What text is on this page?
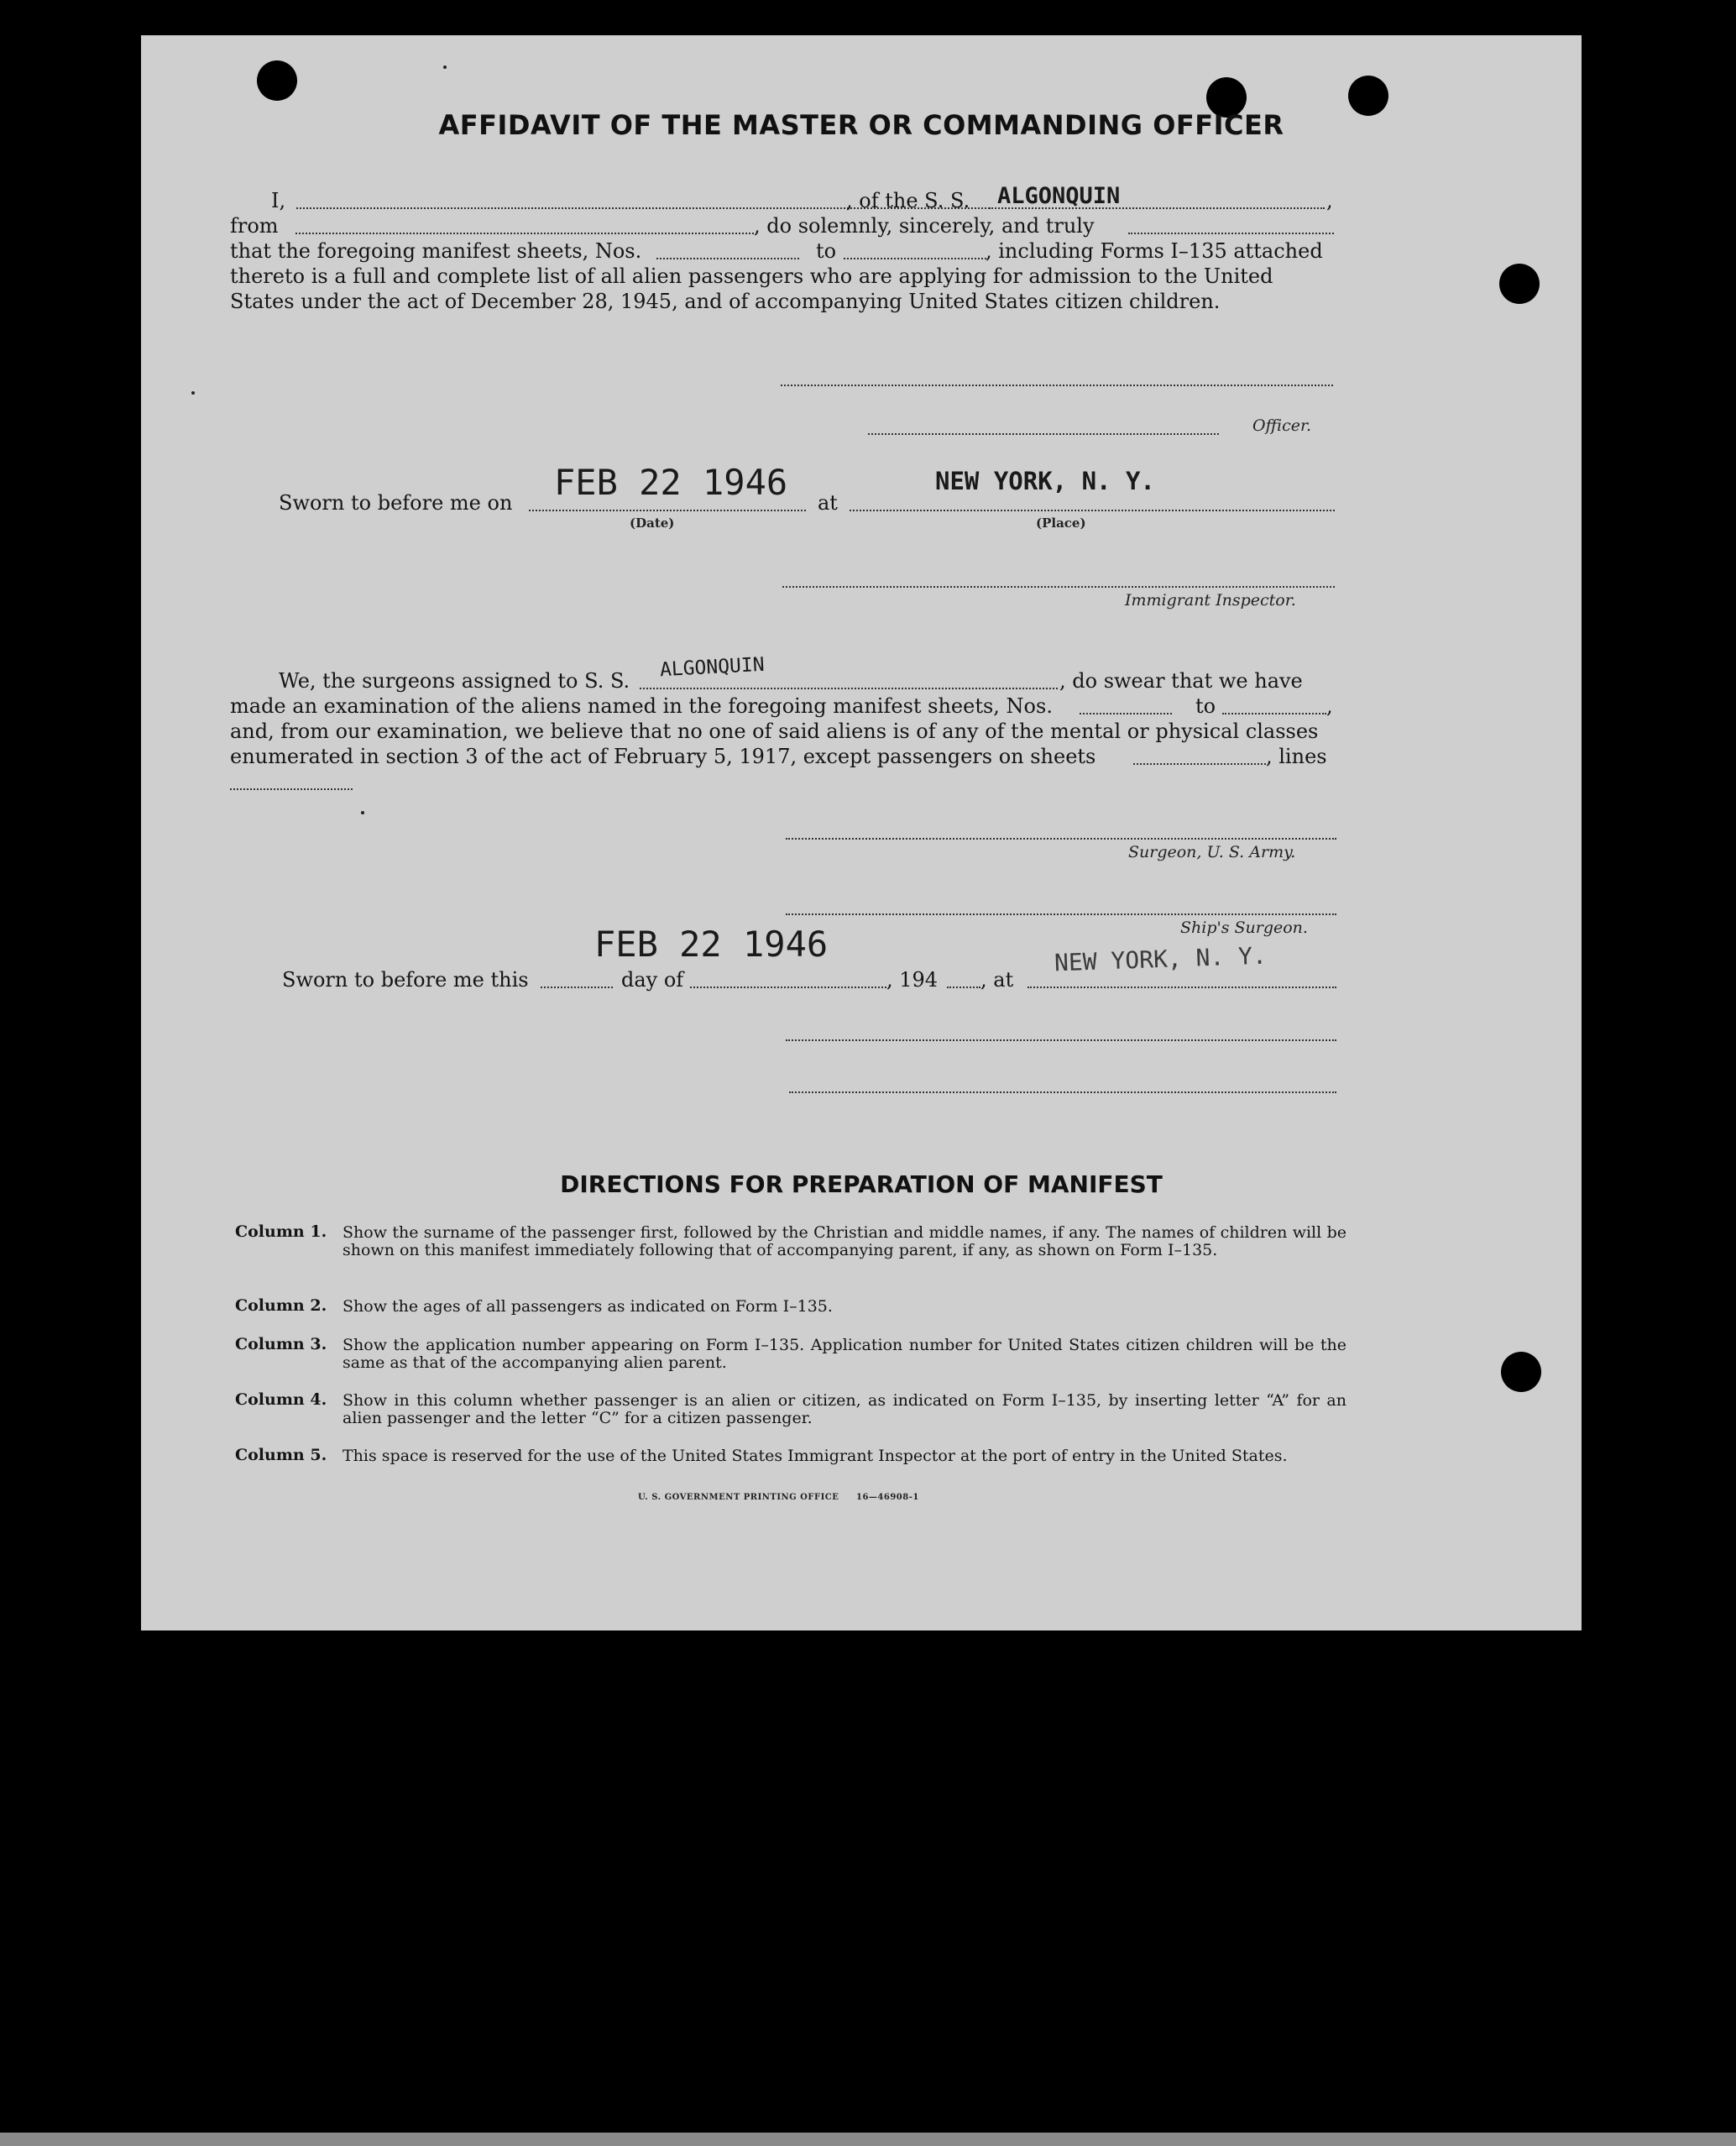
AFFIDAVIT OF THE MASTER OR COMMANDING OFFICER
I,	, of the S. S. ALGONQUIN	,
from	, do solemnly, sincerely, and truly
that the foregoing manifest sheets, Nos.	to	, including Forms I–135 attached
thereto is a full and complete list of all alien passengers who are applying for admission to the United
States under the act of December 28, 1945, and of accompanying United States citizen children.
Officer.
Sworn to before me on FEB 22 1946
(Date)
at
NEW YORK, N. Y.
(Place)
Immigrant Inspector.
We, the surgeons assigned to S. S. ALGONQUIN	, do swear that we have
made an examination of the aliens named in the foregoing manifest sheets, Nos.	to	,
and, from our examination, we believe that no one of said aliens is of any of the mental or physical classes
enumerated in section 3 of the act of February 5, 1917, except passengers on sheets	, lines
Surgeon, U. S. Army.
Ship's Surgeon.
FEB 22 1946	NEW YORK, N. Y.
Sworn to before me this	day of	, 194 , at
DIRECTIONS FOR PREPARATION OF MANIFEST
Column 1. Show the surname of the passenger first, followed by the Christian and middle names, if any. The names of children will be shown on this manifest immediately following that of accompanying parent, if any, as shown on Form I–135.
Column 2. Show the ages of all passengers as indicated on Form I–135.
Column 3. Show the application number appearing on Form I–135. Application number for United States citizen children will be the same as that of the accompanying alien parent.
Column 4. Show in this column whether passenger is an alien or citizen, as indicated on Form I–135, by inserting letter “A” for an alien passenger and the letter “C” for a citizen passenger.
Column 5. This space is reserved for the use of the United States Immigrant Inspector at the port of entry in the United States.
U. S. GOVERNMENT PRINTING OFFICE 16—46908-1
